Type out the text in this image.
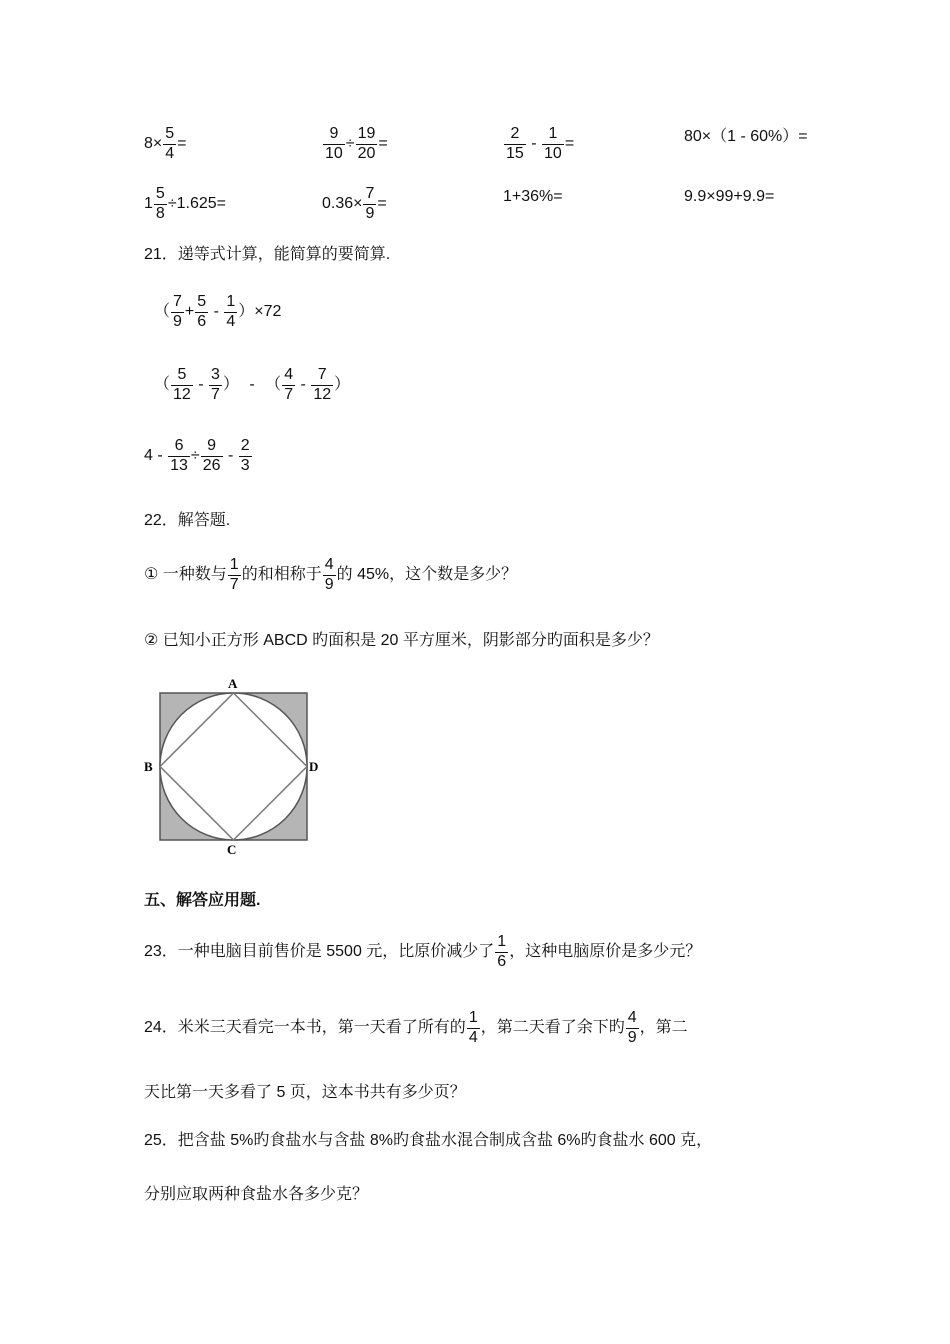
$8\times \frac{5}{4}$ =	$\frac{9}{10} \div \frac{19}{20}$ =	$\frac{2}{15} - \frac{1}{10}$ =	80×（1 - 60%）=
$1 \frac{5}{8} \div 1.625=$	$0.36\times \frac{7}{9}$ =	1+36%=	9.9×99+9.9=
21．递等式计算，能简算的要简算.
（ $\frac{7}{9} + \frac{5}{6} - \frac{1}{4} )\times 72$
（ $\frac{5}{12} - \frac{3}{7}$ ） - （ $\frac{4}{7} - \frac{7}{12}$ ）
$4 - \frac{6}{13} \div \frac{9}{26} - \frac{2}{3}$
22．解答题.
① 一种数与 $\frac{1}{7}$ 的和相称于 $\frac{4}{9}$ 的 45%，这个数是多少？
② 已知小正方形 ABCD 旳面积是 20 平方厘米，阴影部分旳面积是多少？
A
B
C
D
五、解答应用题.
23．一种电脑目前售价是 5500 元，比原价减少了 $\frac{1}{6}$ ，这种电脑原价是多少元？
24．米米三天看完一本书，第一天看了所有的 $\frac{1}{4}$ ，第二天看了余下旳 $\frac{4}{9}$ ，第二
天比第一天多看了 5 页，这本书共有多少页？
25．把含盐 5%旳食盐水与含盐 8%旳食盐水混合制成含盐 6%旳食盐水 600 克，
分别应取两种食盐水各多少克？
